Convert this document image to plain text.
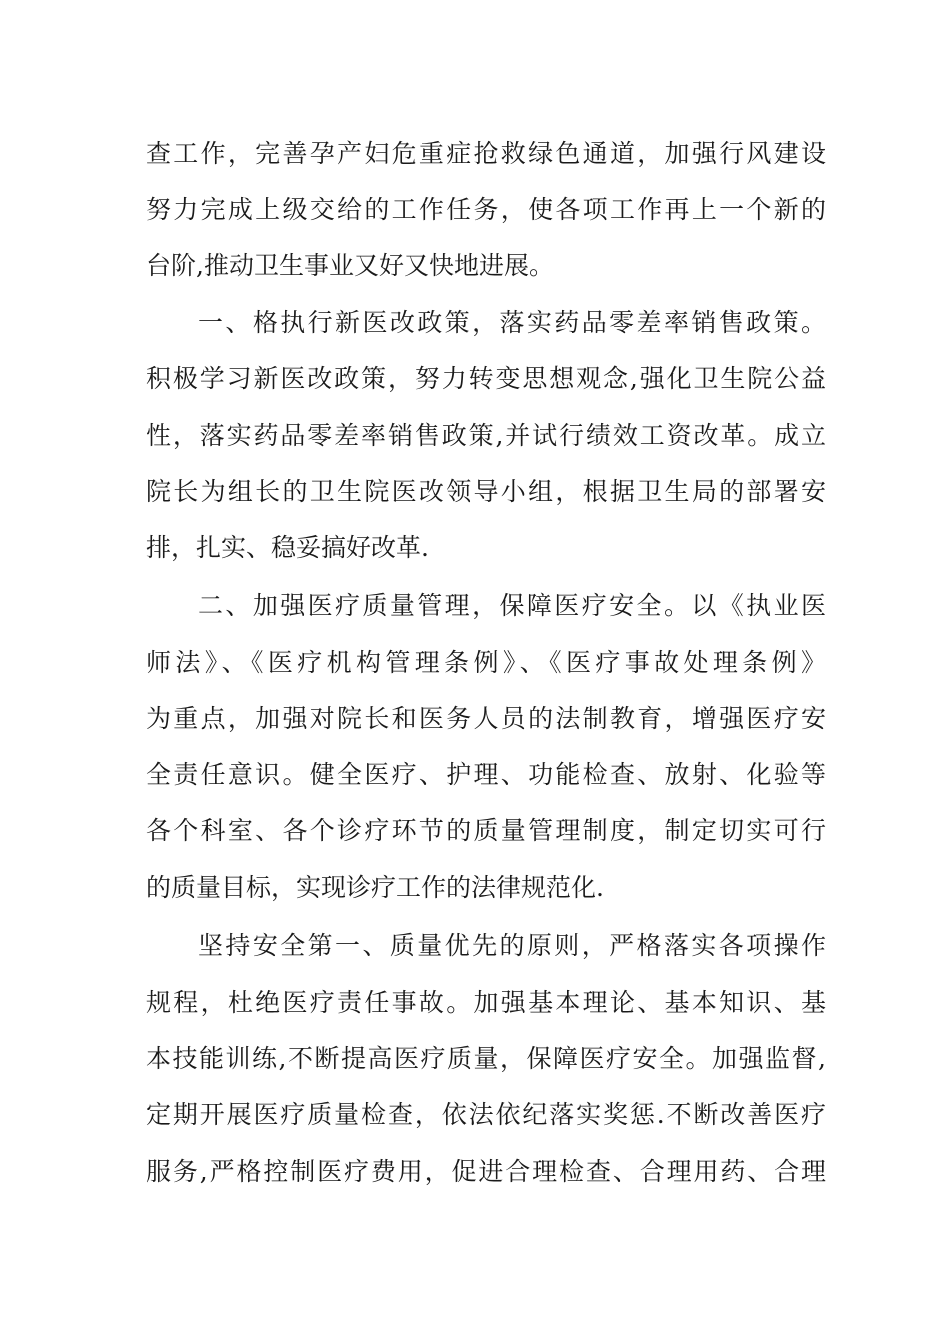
查工作，完善孕产妇危重症抢救绿色通道，加强行风建设
努力完成上级交给的工作任务，使各项工作再上一个新的
台阶,推动卫生事业又好又快地进展。
一、格执行新医改政策，落实药品零差率销售政策。
积极学习新医改政策，努力转变思想观念,强化卫生院公益
性，落实药品零差率销售政策,并试行绩效工资改革。成立
院长为组长的卫生院医改领导小组，根据卫生局的部署安
排，扎实、稳妥搞好改革.
二、加强医疗质量管理，保障医疗安全。以《执业医
师法》、《医疗机构管理条例》、《医疗事故处理条例》
为重点，加强对院长和医务人员的法制教育，增强医疗安
全责任意识。健全医疗、护理、功能检查、放射、化验等
各个科室、各个诊疗环节的质量管理制度，制定切实可行
的质量目标，实现诊疗工作的法律规范化.
坚持安全第一、质量优先的原则，严格落实各项操作
规程，杜绝医疗责任事故。加强基本理论、基本知识、基
本技能训练,不断提高医疗质量，保障医疗安全。加强监督,
定期开展医疗质量检查，依法依纪落实奖惩.不断改善医疗
服务,严格控制医疗费用，促进合理检查、合理用药、合理
